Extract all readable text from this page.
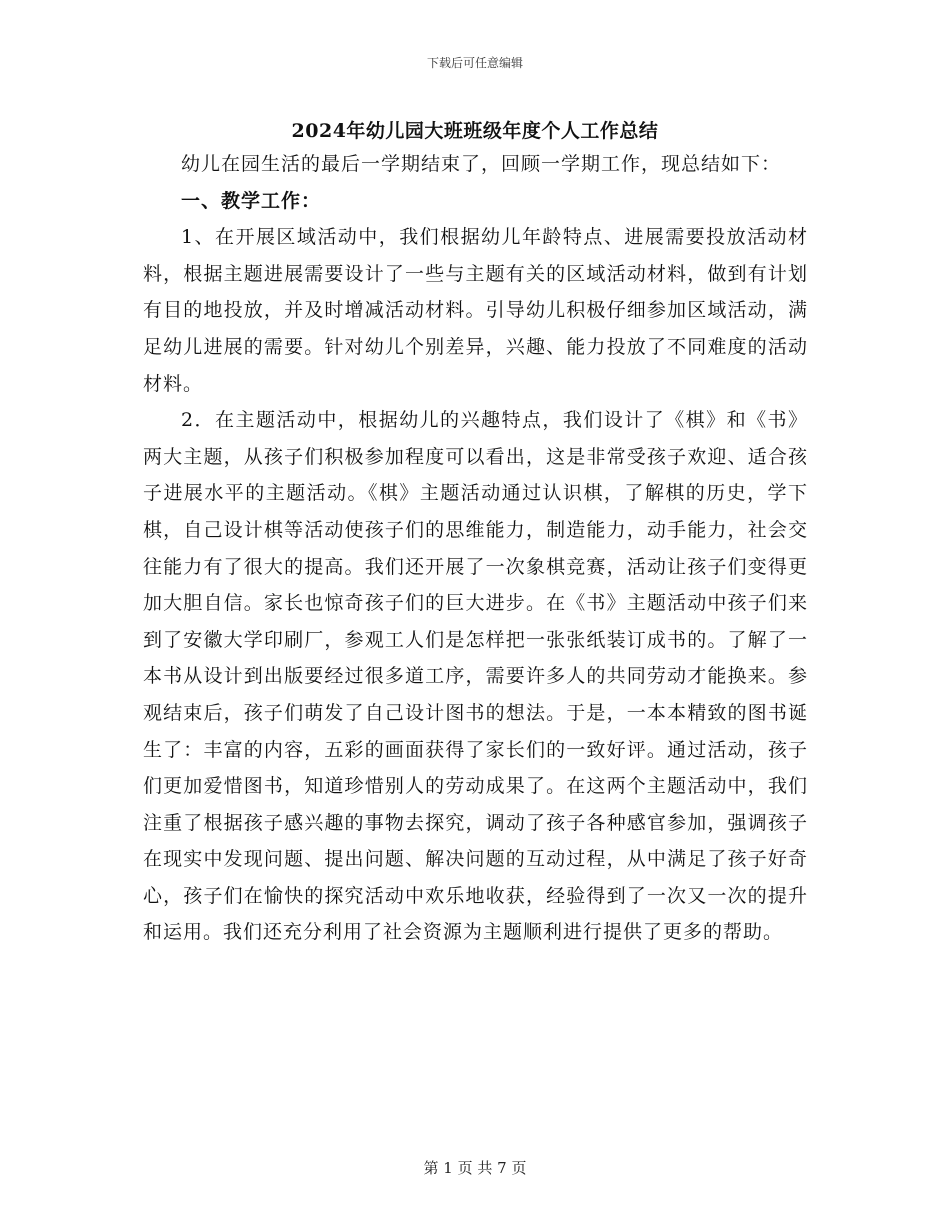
下载后可任意编辑
2024年幼儿园大班班级年度个人工作总结

幼儿在园生活的最后一学期结束了，回顾一学期工作，现总结如下：

一、教学工作：

1、在开展区域活动中，我们根据幼儿年龄特点、进展需要投放活动材料，根据主题进展需要设计了一些与主题有关的区域活动材料，做到有计划有目的地投放，并及时增减活动材料。引导幼儿积极仔细参加区域活动，满足幼儿进展的需要。针对幼儿个别差异，兴趣、能力投放了不同难度的活动材料。

2．在主题活动中，根据幼儿的兴趣特点，我们设计了《棋》和《书》两大主题，从孩子们积极参加程度可以看出，这是非常受孩子欢迎、适合孩子进展水平的主题活动。《棋》主题活动通过认识棋，了解棋的历史，学下棋，自己设计棋等活动使孩子们的思维能力，制造能力，动手能力，社会交往能力有了很大的提高。我们还开展了一次象棋竞赛，活动让孩子们变得更加大胆自信。家长也惊奇孩子们的巨大进步。在《书》主题活动中孩子们来到了安徽大学印刷厂，参观工人们是怎样把一张张纸装订成书的。了解了一本书从设计到出版要经过很多道工序，需要许多人的共同劳动才能换来。参观结束后，孩子们萌发了自己设计图书的想法。于是，一本本精致的图书诞生了：丰富的内容，五彩的画面获得了家长们的一致好评。通过活动，孩子们更加爱惜图书，知道珍惜别人的劳动成果了。在这两个主题活动中，我们注重了根据孩子感兴趣的事物去探究，调动了孩子各种感官参加，强调孩子在现实中发现问题、提出问题、解决问题的互动过程，从中满足了孩子好奇心，孩子们在愉快的探究活动中欢乐地收获，经验得到了一次又一次的提升和运用。我们还充分利用了社会资源为主题顺利进行提供了更多的帮助。

第 1 页 共 7 页
